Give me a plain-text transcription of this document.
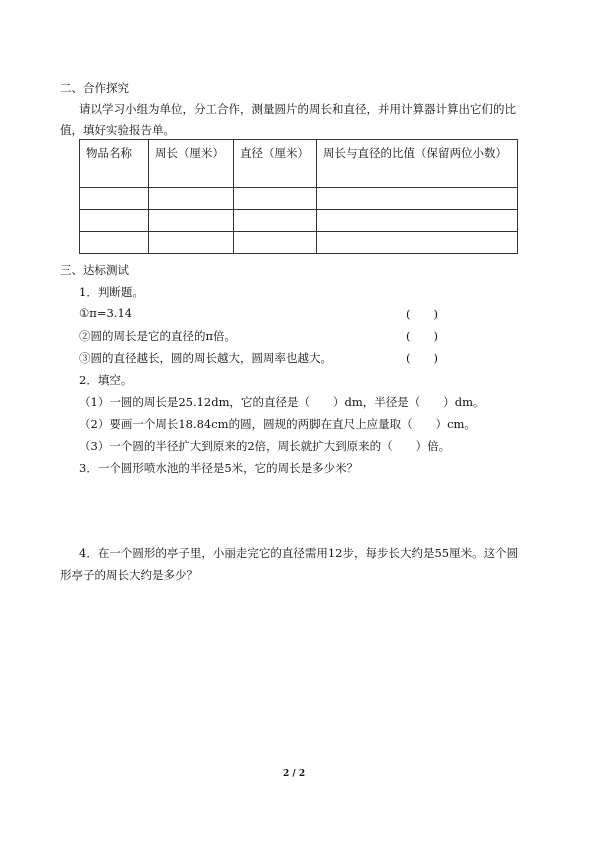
二、合作探究
请以学习小组为单位，分工合作，测量圆片的周长和直径，并用计算器计算出它们的比
值，填好实验报告单。
物品名称	周长（厘米）	直径（厘米）	周长与直径的比值（保留两位小数）

三、达标测试
1．判断题。
①π=3.14	(　　)
②圆的周长是它的直径的π倍。	(　　)
③圆的直径越长，圆的周长越大，圆周率也越大。	(　　)
2．填空。
（1）一圆的周长是25.12dm，它的直径是（　　）dm，半径是（　　）dm。
（2）要画一个周长18.84cm的圆，圆规的两脚在直尺上应量取（　　）cm。
（3）一个圆的半径扩大到原来的2倍，周长就扩大到原来的（　　）倍。
3．一个圆形喷水池的半径是5米，它的周长是多少米？
4．在一个圆形的亭子里，小丽走完它的直径需用12步，每步长大约是55厘米。这个圆
形亭子的周长大约是多少？
2 / 2
